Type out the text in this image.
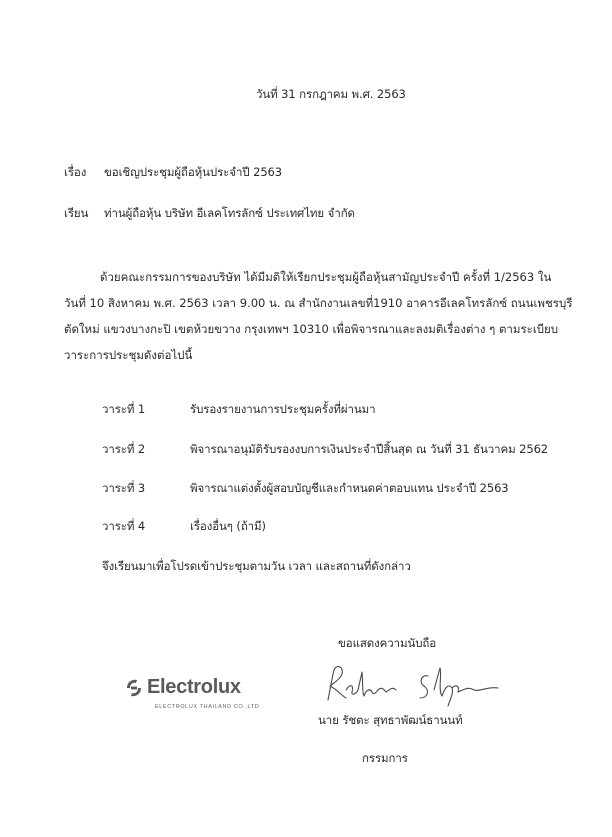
วันที่ 31 กรกฎาคม พ.ศ. 2563
เรื่อง ขอเชิญประชุมผู้ถือหุ้นประจำปี 2563
เรียน ท่านผู้ถือหุ้น บริษัท อีเลคโทรลักซ์ ประเทศไทย จำกัด
ด้วยคณะกรรมการของบริษัท ได้มีมติให้เรียกประชุมผู้ถือหุ้นสามัญประจำปี ครั้งที่ 1/2563 ใน
วันที่ 10 สิงหาคม พ.ศ. 2563 เวลา 9.00 น. ณ สำนักงานเลขที่1910 อาคารอีเลคโทรลักซ์ ถนนเพชรบุรี
ตัดใหม่ แขวงบางกะปิ เขตห้วยขวาง กรุงเทพฯ 10310 เพื่อพิจารณาและลงมติเรื่องต่าง ๆ ตามระเบียบ
วาระการประชุมดังต่อไปนี้
วาระที่ 1	รับรองรายงานการประชุมครั้งที่ผ่านมา
วาระที่ 2	พิจารณาอนุมัติรับรองงบการเงินประจำปีสิ้นสุด ณ วันที่ 31 ธันวาคม 2562
วาระที่ 3	พิจารณาแต่งตั้งผู้สอบบัญชีและกำหนดค่าตอบแทน ประจำปี 2563
วาระที่ 4	เรื่องอื่นๆ (ถ้ามี)
จึงเรียนมาเพื่อโปรดเข้าประชุมตามวัน เวลา และสถานที่ดังกล่าว
ขอแสดงความนับถือ
Electrolux
ELECTROLUX THAILAND CO.,LTD
นาย รัชตะ สุทธาพัฒน์ธานนท์
กรรมการ
